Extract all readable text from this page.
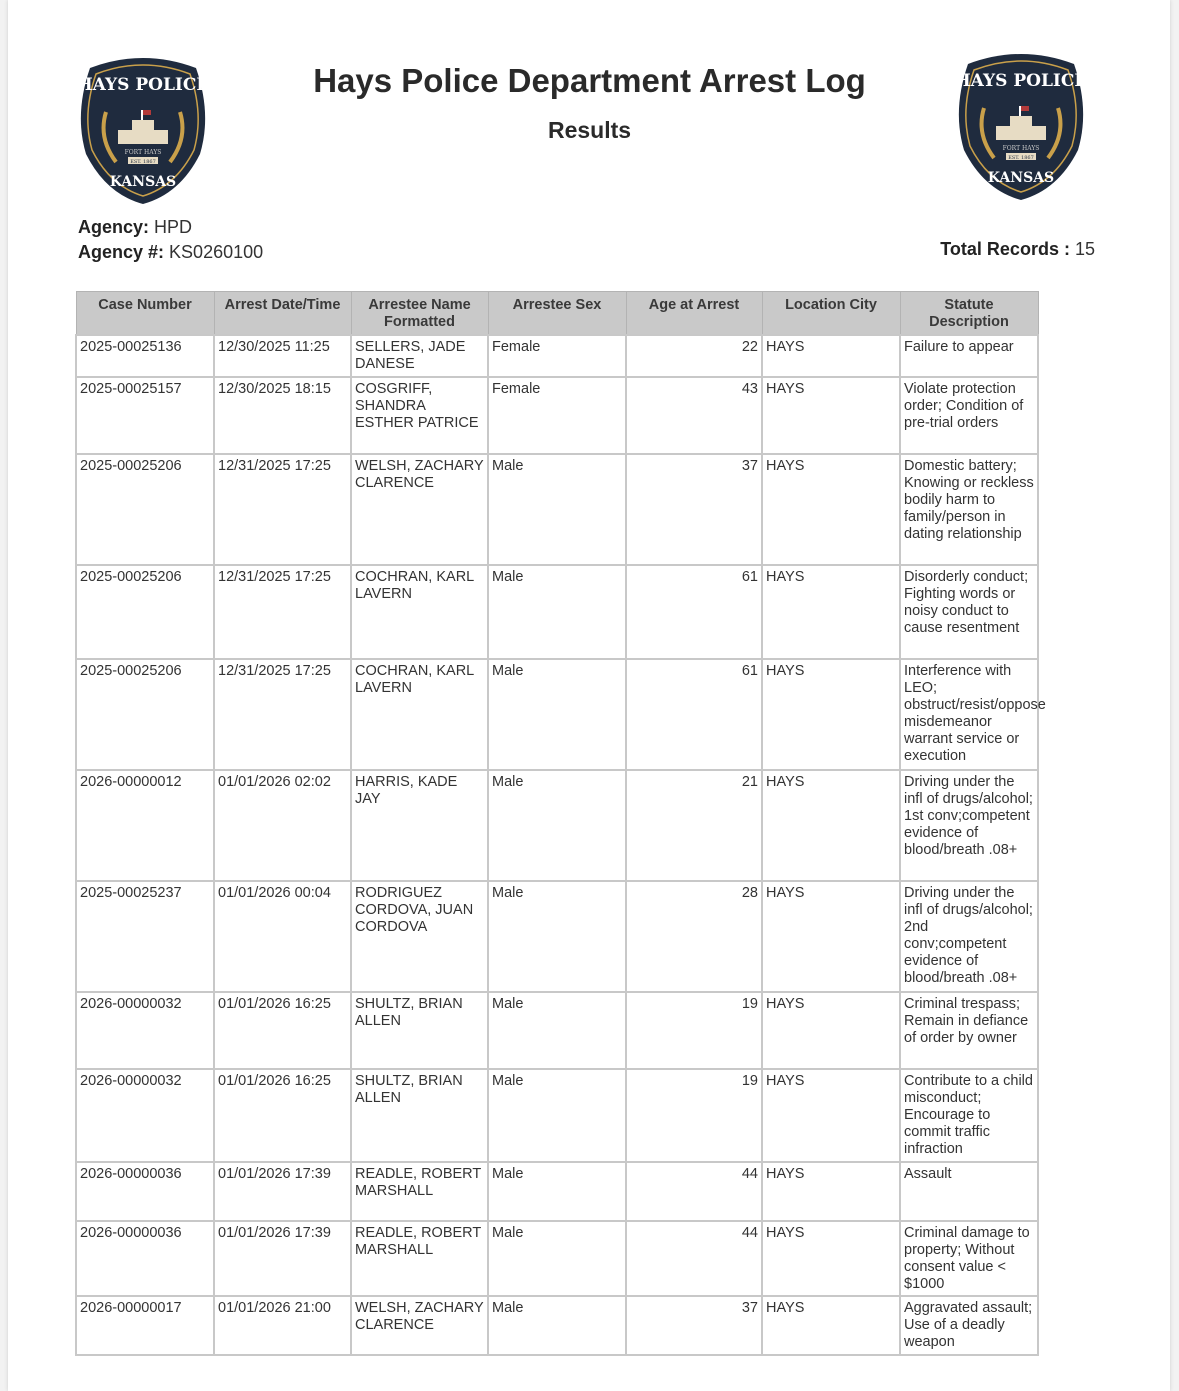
HAYS POLICE
FORT HAYS
EST. 1867
KANSAS
HAYS POLICE
FORT HAYS
EST. 1867
KANSAS
Hays Police Department Arrest Log
Results
Agency: HPD
Agency #: KS0260100	Total Records : 15
Case Number	Arrest Date/Time	Arrestee Name Formatted	Arrestee Sex	Age at Arrest	Location City	Statute Description
2025-00025136	12/30/2025 11:25	SELLERS, JADE DANESE	Female	22	HAYS	Failure to appear
2025-00025157	12/30/2025 18:15	COSGRIFF, SHANDRA ESTHER PATRICE	Female	43	HAYS	Violate protection order; Condition of pre-trial orders
2025-00025206	12/31/2025 17:25	WELSH, ZACHARY CLARENCE	Male	37	HAYS	Domestic battery; Knowing or reckless bodily harm to family/person in dating relationship
2025-00025206	12/31/2025 17:25	COCHRAN, KARL LAVERN	Male	61	HAYS	Disorderly conduct; Fighting words or noisy conduct to cause resentment
2025-00025206	12/31/2025 17:25	COCHRAN, KARL LAVERN	Male	61	HAYS	Interference with LEO; obstruct/resist/oppose misdemeanor warrant service or execution
2026-00000012	01/01/2026 02:02	HARRIS, KADE JAY	Male	21	HAYS	Driving under the infl of drugs/alcohol; 1st conv;competent evidence of blood/breath .08+
2025-00025237	01/01/2026 00:04	RODRIGUEZ CORDOVA, JUAN CORDOVA	Male	28	HAYS	Driving under the infl of drugs/alcohol; 2nd conv;competent evidence of blood/breath .08+
2026-00000032	01/01/2026 16:25	SHULTZ, BRIAN ALLEN	Male	19	HAYS	Criminal trespass; Remain in defiance of order by owner
2026-00000032	01/01/2026 16:25	SHULTZ, BRIAN ALLEN	Male	19	HAYS	Contribute to a child misconduct; Encourage to commit traffic infraction
2026-00000036	01/01/2026 17:39	READLE, ROBERT MARSHALL	Male	44	HAYS	Assault
2026-00000036	01/01/2026 17:39	READLE, ROBERT MARSHALL	Male	44	HAYS	Criminal damage to property; Without consent value < $1000
2026-00000017	01/01/2026 21:00	WELSH, ZACHARY CLARENCE	Male	37	HAYS	Aggravated assault; Use of a deadly weapon
